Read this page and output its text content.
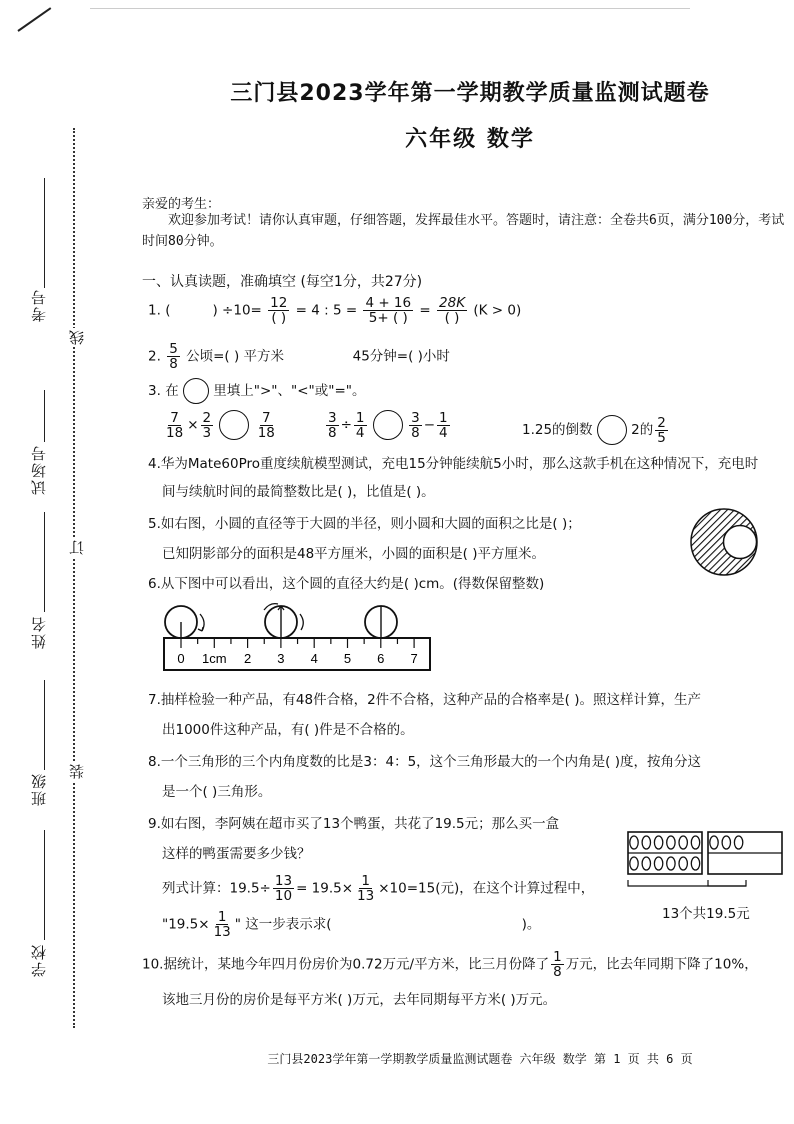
考号
试场号
姓名
班级
学校
线
订
装
三门县2023学年第一学期教学质量监测试题卷
六年级 数学
亲爱的考生：
欢迎参加考试！请你认真审题，仔细答题，发挥最佳水平。答题时，请注意：全卷共6页，满分100分，考试时间80分钟。
一、认真读题，准确填空 (每空1分，共27分)
1. (	) $\div 10= \frac{12}{( )} = 4$ : $5 = \frac{4 + 16}{5+ ( )} = \frac{28K}{( )} (K > 0)$
2. $\frac{5}{8}$ 公顷=( ) 平方米	45分钟=( )小时
3. 在	里填上">"、"<"或"="。
$\frac{7}{18} \times \frac{2}{3}$
	$\frac{7}{18}$	$\frac{3}{8} \div \frac{1}{4}$
	$\frac{3}{8} - \frac{1}{4}$	1.25的倒数	2的 $\frac{2}{5}$
4.华为Mate60Pro重度续航模型测试，充电15分钟能续航5小时，那么这款手机在这种情况下，充电时
间与续航时间的最简整数比是( )，比值是( )。
5.如右图，小圆的直径等于大圆的半径，则小圆和大圆的面积之比是( )；
已知阴影部分的面积是48平方厘米，小圆的面积是( )平方厘米。
6.从下图中可以看出，这个圆的直径大约是( )cm。(得数保留整数)
0 1cm 2 3 4 5 6 7
7.抽样检验一种产品，有48件合格，2件不合格，这种产品的合格率是( )。照这样计算，生产
出1000件这种产品，有( )件是不合格的。
8.一个三角形的三个内角度数的比是3：4：5，这个三角形最大的一个内角是( )度，按角分这
是一个( )三角形。
9.如右图，李阿姨在超市买了13个鸭蛋，共花了19.5元；那么买一盒
这样的鸭蛋需要多少钱？
列式计算：$19.5\div \frac{13}{10} = 19.5\times \frac{1}{13} \times 10=15$(元)，在这个计算过程中，
"$19.5\times \frac{1}{13}$ " 这一步表示求(	)。
13个共19.5元
10.据统计，某地今年四月份房价为0.72万元/平方米，比三月份降了 $\frac{1}{8}$ 万元，比去年同期下降了10%，
该地三月份的房价是每平方米( )万元，去年同期每平方米( )万元。
三门县2023学年第一学期教学质量监测试题卷 六年级 数学 第 1 页 共 6 页
